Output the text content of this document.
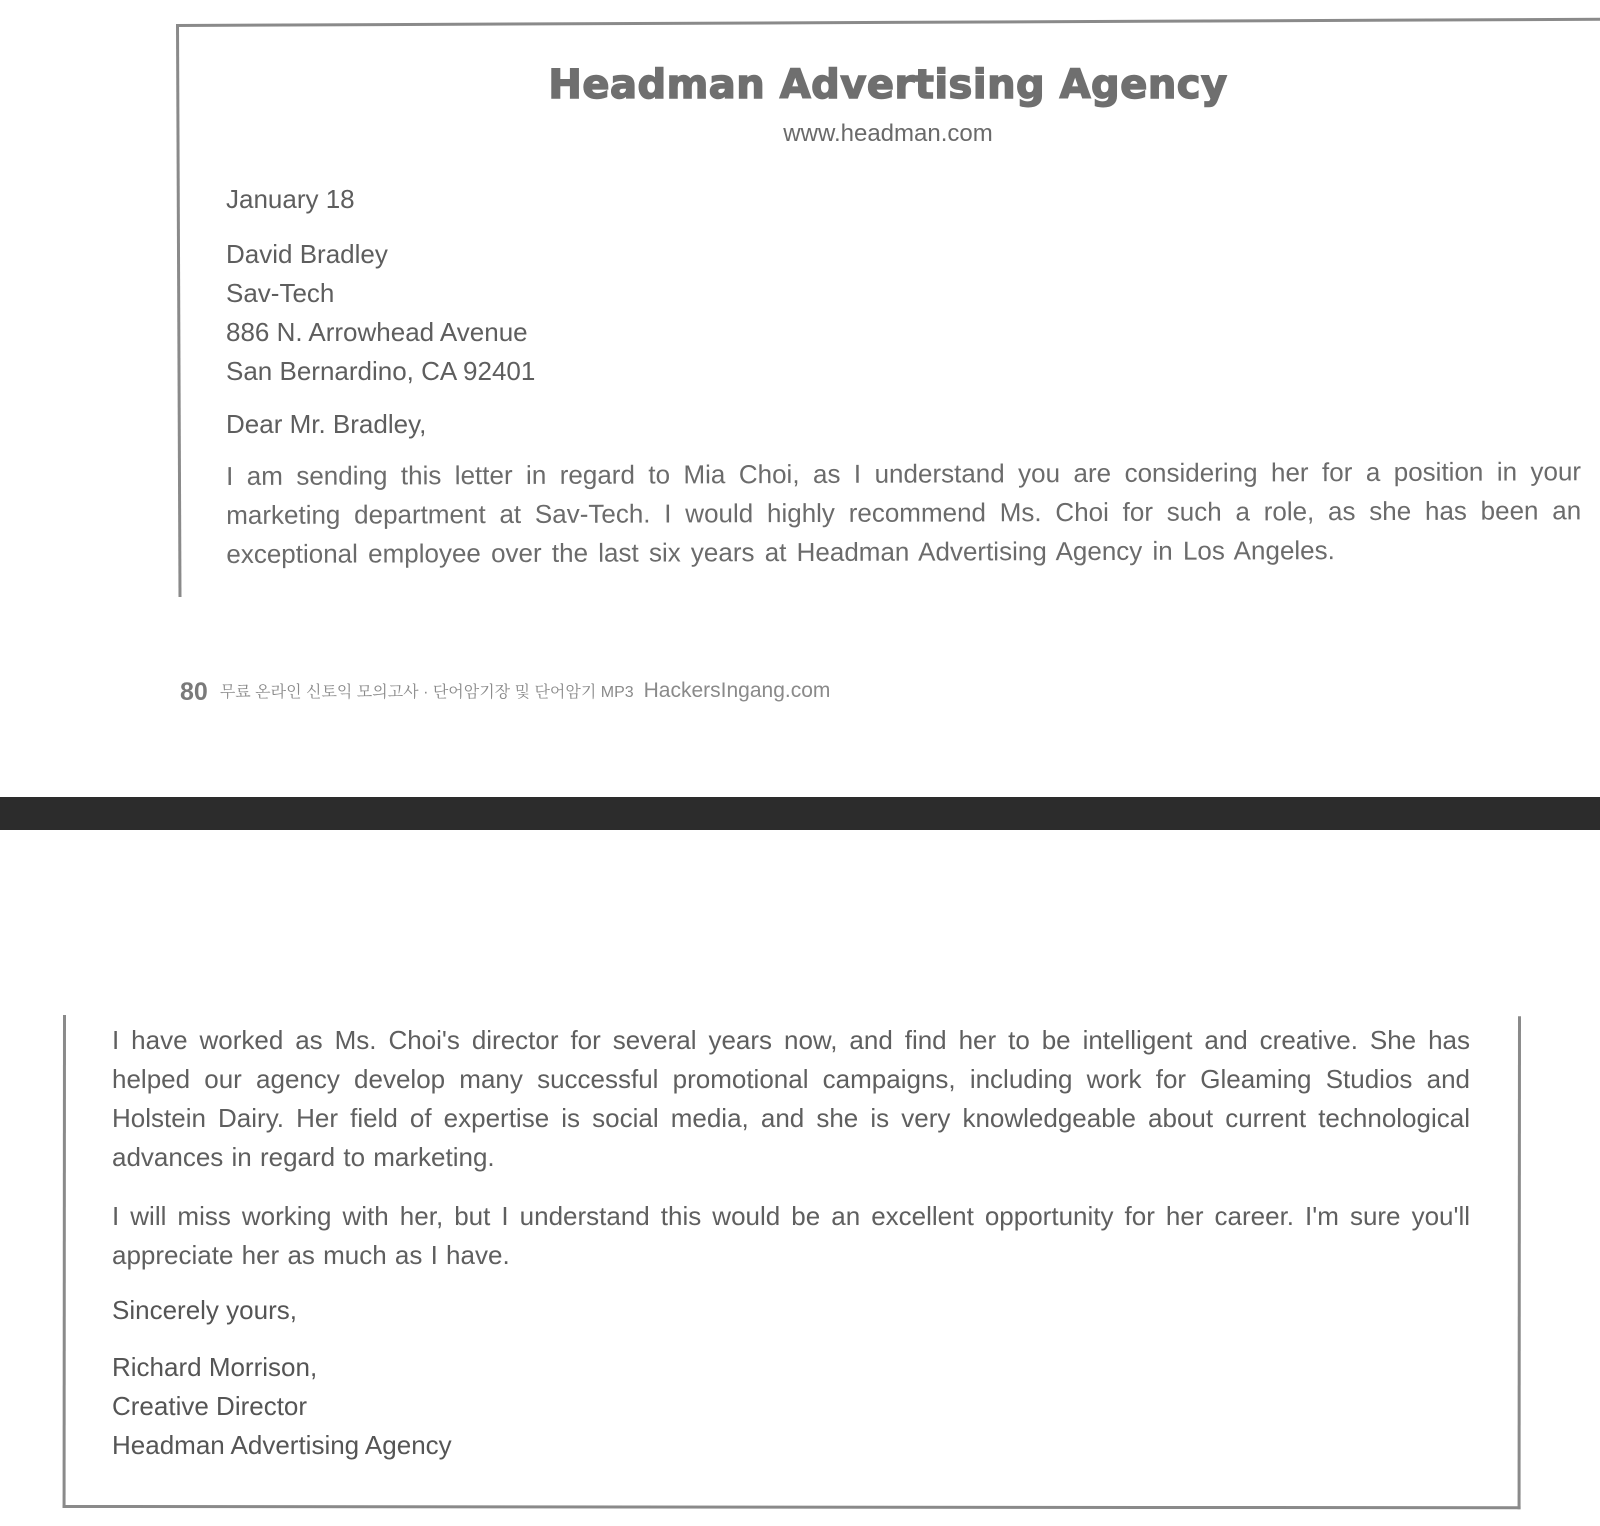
Headman Advertising Agency
www.headman.com
January 18
David Bradley
Sav-Tech
886 N. Arrowhead Avenue
San Bernardino, CA 92401
Dear Mr. Bradley,
I am sending this letter in regard to Mia Choi, as I understand you are considering her for a position in your marketing department at Sav-Tech. I would highly recommend Ms. Choi for such a role, as she has been an exceptional employee over the last six years at Headman Advertising Agency in Los Angeles.
80 무료 온라인 신토익 모의고사 · 단어암기장 및 단어암기 MP3 HackersIngang.com
I have worked as Ms. Choi's director for several years now, and find her to be intelligent and creative. She has helped our agency develop many successful promotional campaigns, including work for Gleaming Studios and Holstein Dairy. Her field of expertise is social media, and she is very knowledgeable about current technological advances in regard to marketing.
I will miss working with her, but I understand this would be an excellent opportunity for her career. I'm sure you'll appreciate her as much as I have.
Sincerely yours,
Richard Morrison,
Creative Director
Headman Advertising Agency
